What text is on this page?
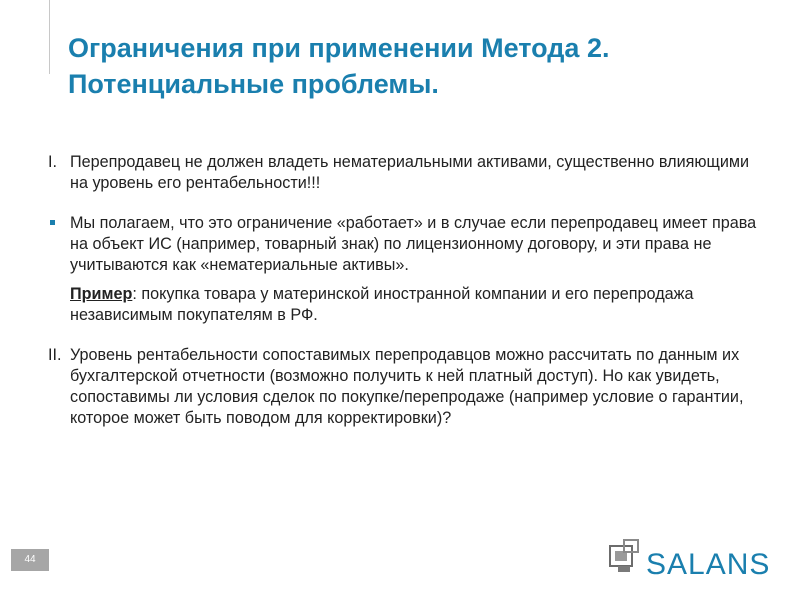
Ограничения при применении Метода 2.
Потенциальные проблемы.

I. Перепродавец не должен владеть нематериальными активами, существенно влияющими на уровень его рентабельности!!!

Мы полагаем, что это ограничение «работает» и в случае если перепродавец имеет права на объект ИС (например, товарный знак) по лицензионному договору, и эти права не учитываются как «нематериальные активы».

Пример: покупка товара у материнской иностранной компании и его перепродажа независимым покупателям в РФ.

II. Уровень рентабельности сопоставимых перепродавцов можно рассчитать по данным их бухгалтерской отчетности (возможно получить к ней платный доступ). Но как увидеть, сопоставимы ли условия сделок по покупке/перепродаже (например условие о гарантии, которое может быть поводом для корректировки)?

44	SALANS
